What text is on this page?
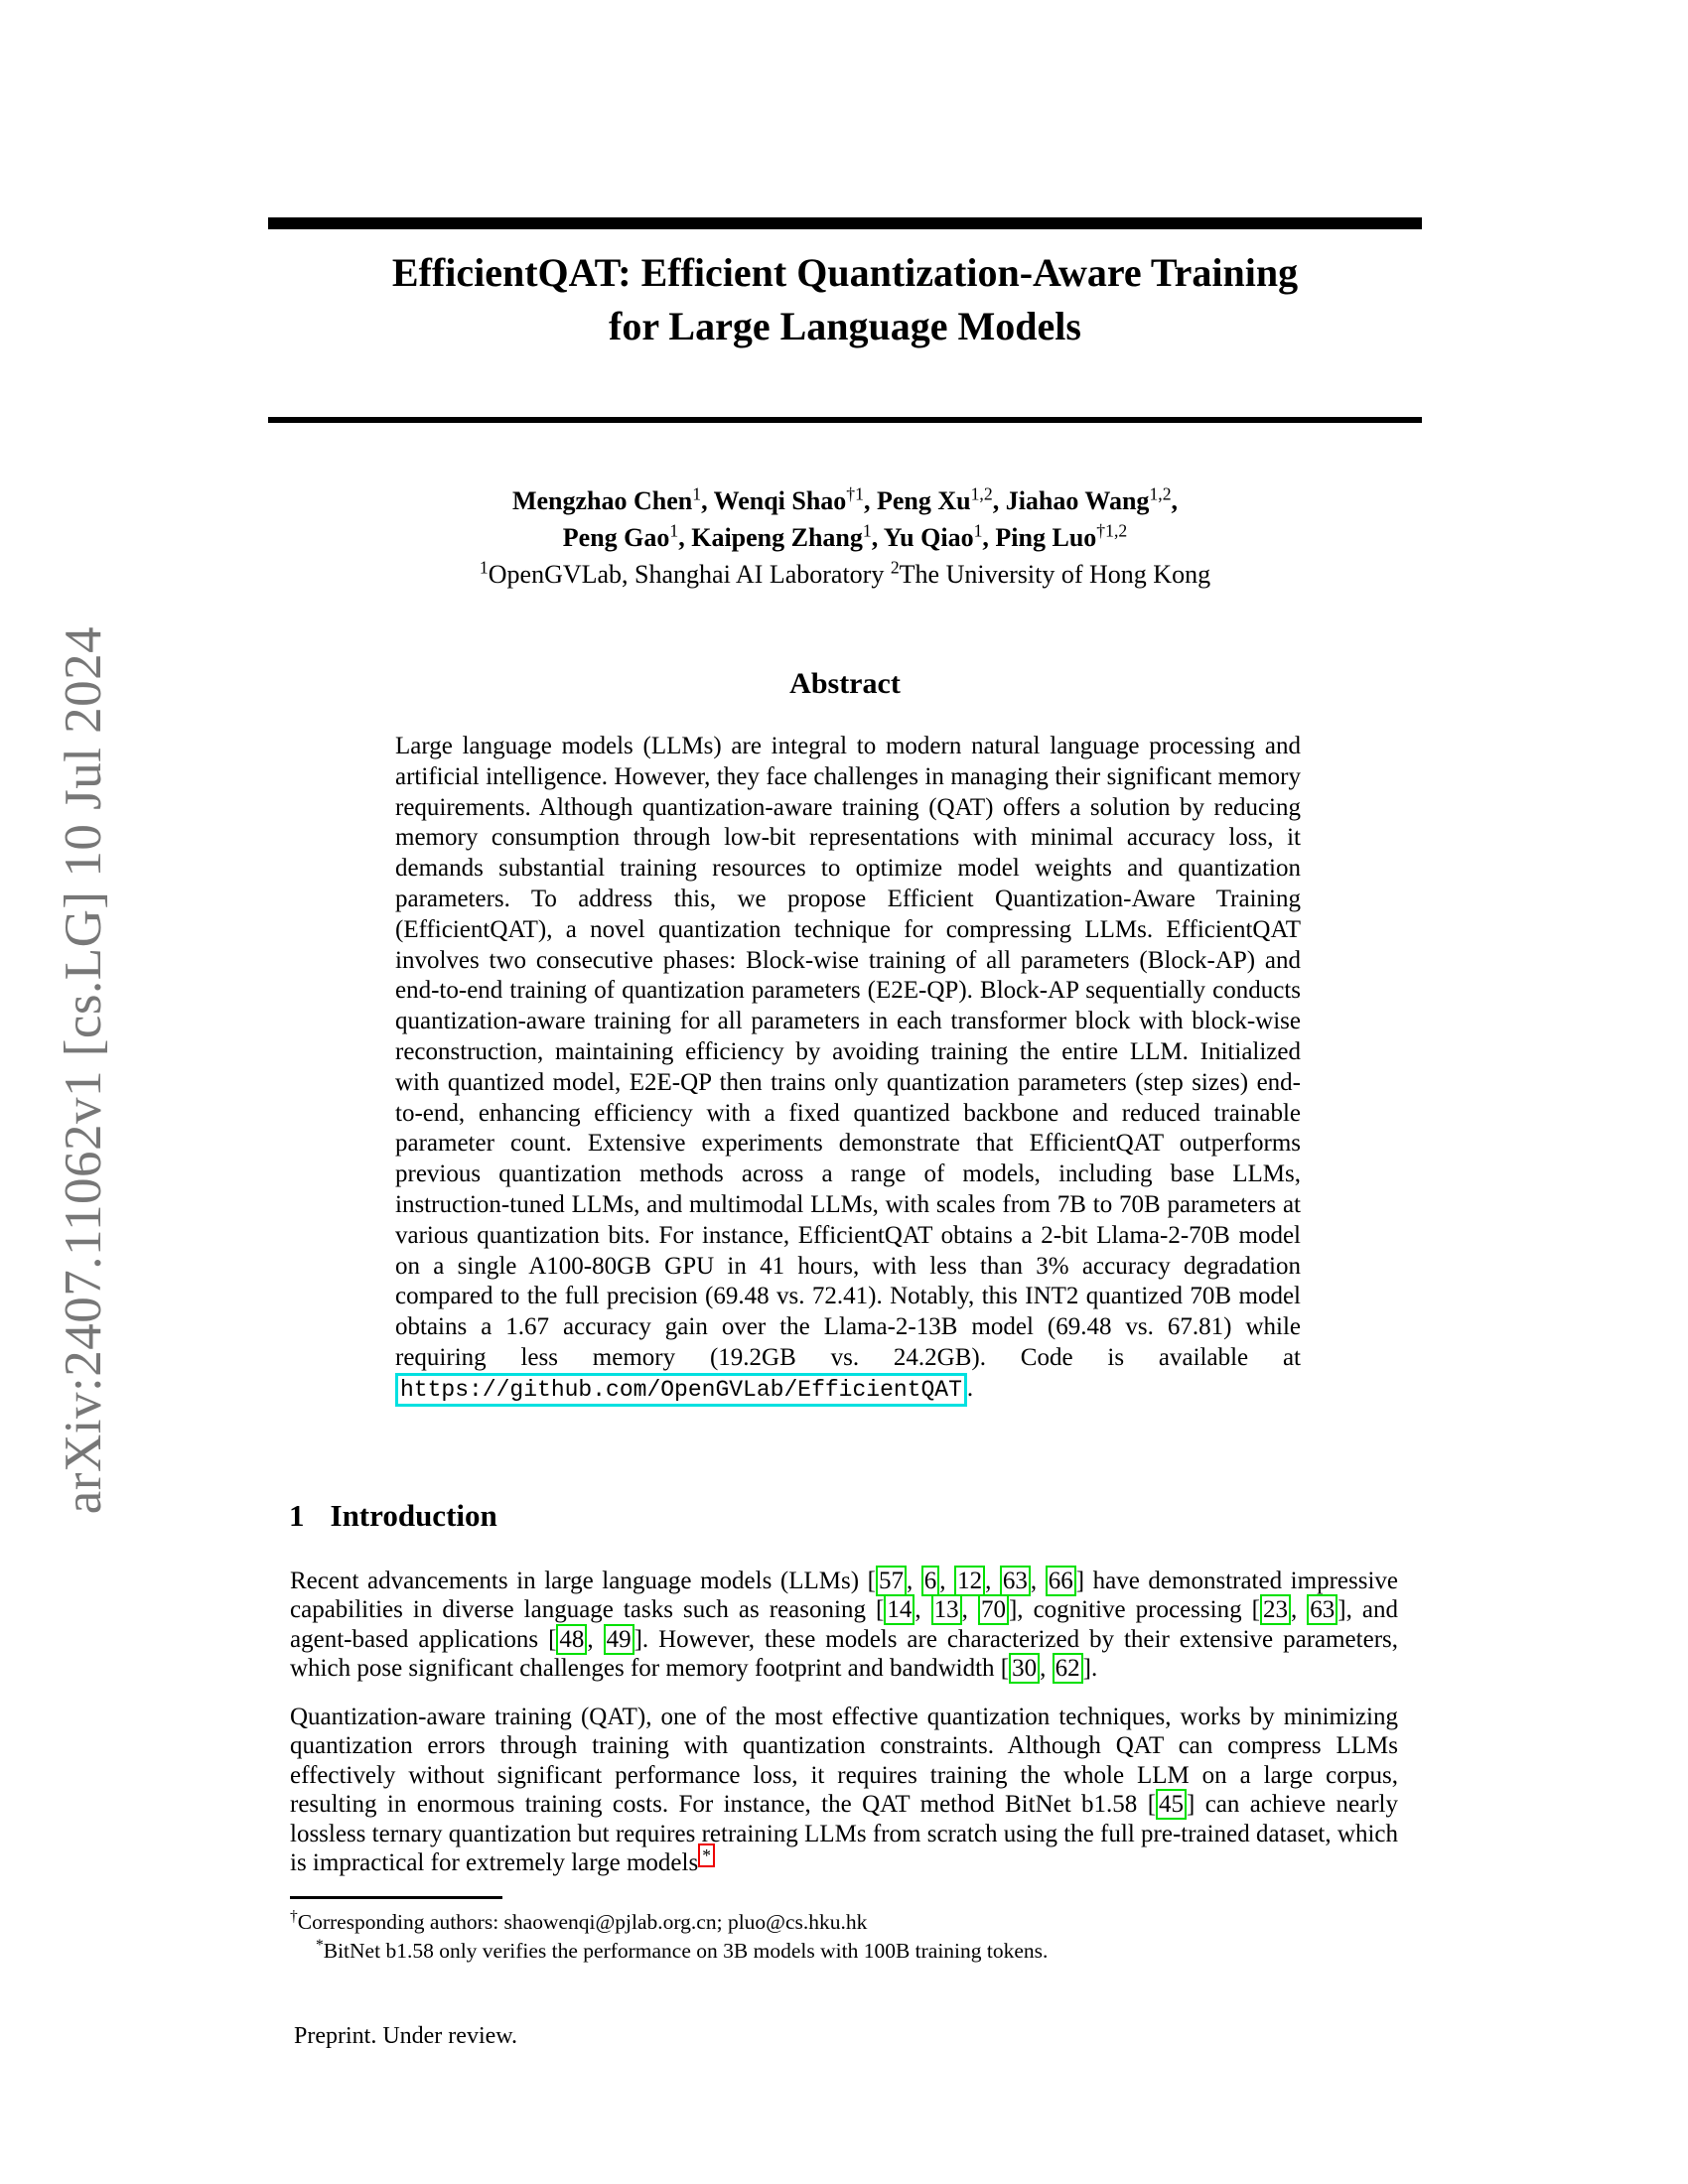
arXiv:2407.11062v1 [cs.LG] 10 Jul 2024
EfficientQAT: Efficient Quantization-Aware Training
for Large Language Models
Mengzhao Chen$^1$, Wenqi Shao$^{\dagger 1}$, Peng Xu$^{1,2}$, Jiahao Wang$^{1,2}$,
Peng Gao$^1$, Kaipeng Zhang$^1$, Yu Qiao$^1$, Ping Luo$^{\dagger 1,2}$
$^1$OpenGVLab, Shanghai AI Laboratory $^2$The University of Hong Kong
Abstract

Large language models (LLMs) are integral to modern natural language processing and artificial intelligence. However, they face challenges in managing their significant memory requirements. Although quantization-aware training (QAT) offers a solution by reducing memory consumption through low-bit representations with minimal accuracy loss, it demands substantial training resources to optimize model weights and quantization parameters. To address this, we propose Efficient Quantization-Aware Training (EfficientQAT), a novel quantization technique for compressing LLMs. EfficientQAT involves two consecutive phases: Block-wise training of all parameters (Block-AP) and end-to-end training of quantization parameters (E2E-QP). Block-AP sequentially conducts quantization-aware training for all parameters in each transformer block with block-wise reconstruction, maintaining efficiency by avoiding training the entire LLM. Initialized with quantized model, E2E-QP then trains only quantization parameters (step sizes) end-to-end, enhancing efficiency with a fixed quantized backbone and reduced trainable parameter count. Extensive experiments demonstrate that EfficientQAT outperforms previous quantization methods across a range of models, including base LLMs, instruction-tuned LLMs, and multimodal LLMs, with scales from 7B to 70B parameters at various quantization bits. For instance, EfficientQAT obtains a 2-bit Llama-2-70B model on a single A100-80GB GPU in 41 hours, with less than 3% accuracy degradation compared to the full precision (69.48 vs. 72.41). Notably, this INT2 quantized 70B model obtains a 1.67 accuracy gain over the Llama-2-13B model (69.48 vs. 67.81) while requiring less memory (19.2GB vs. 24.2GB). Code is available at https://github.com/OpenGVLab/EfficientQAT .

1 Introduction

Recent advancements in large language models (LLMs) [ 57 , 6 , 12 , 63 , 66 ] have demonstrated impressive capabilities in diverse language tasks such as reasoning [ 14 , 13 , 70 ], cognitive processing [ 23 , 63 ], and agent-based applications [ 48 , 49 ]. However, these models are characterized by their extensive parameters, which pose significant challenges for memory footprint and bandwidth [ 30 , 62 ].

Quantization-aware training (QAT), one of the most effective quantization techniques, works by minimizing quantization errors through training with quantization constraints. Although QAT can compress LLMs effectively without significant performance loss, it requires training the whole LLM on a large corpus, resulting in enormous training costs. For instance, the QAT method BitNet b1.58 [ 45 ] can achieve nearly lossless ternary quantization but requires retraining LLMs from scratch using the full pre-trained dataset, which is impractical for extremely large models *

†Corresponding authors: shaowenqi@pjlab.org.cn; pluo@cs.hku.hk
*BitNet b1.58 only verifies the performance on 3B models with 100B training tokens.
Preprint. Under review.
